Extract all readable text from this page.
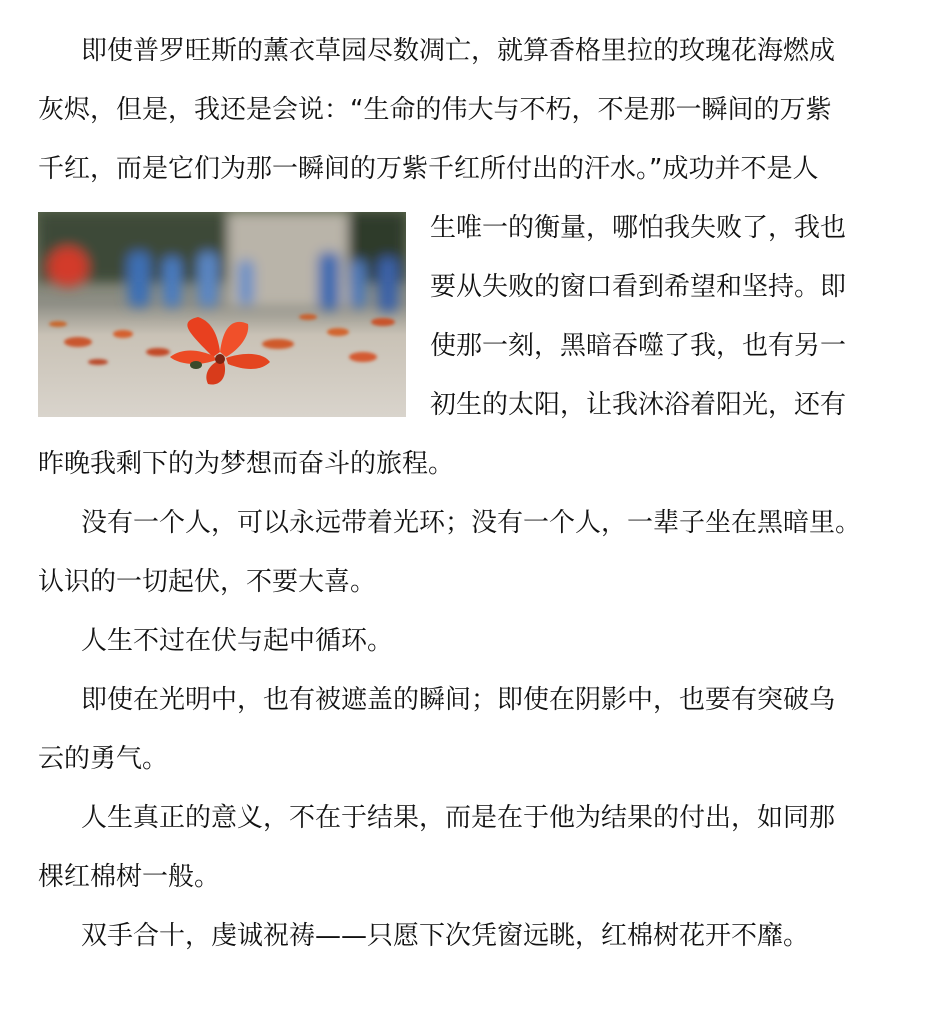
即使普罗旺斯的薰衣草园尽数凋亡，就算香格里拉的玫瑰花海燃成
灰烬，但是，我还是会说：“生命的伟大与不朽，不是那一瞬间的万紫
千红，而是它们为那一瞬间的万紫千红所付出的汗水。”成功并不是人
生唯一的衡量，哪怕我失败了，我也
要从失败的窗口看到希望和坚持。即
使那一刻，黑暗吞噬了我，也有另一
初生的太阳，让我沐浴着阳光，还有
昨晚我剩下的为梦想而奋斗的旅程。
没有一个人，可以永远带着光环；没有一个人，一辈子坐在黑暗里。
认识的一切起伏，不要大喜。
人生不过在伏与起中循环。
即使在光明中，也有被遮盖的瞬间；即使在阴影中，也要有突破乌
云的勇气。
人生真正的意义，不在于结果，而是在于他为结果的付出，如同那
棵红棉树一般。
双手合十，虔诚祝祷——只愿下次凭窗远眺，红棉树花开不靡。
